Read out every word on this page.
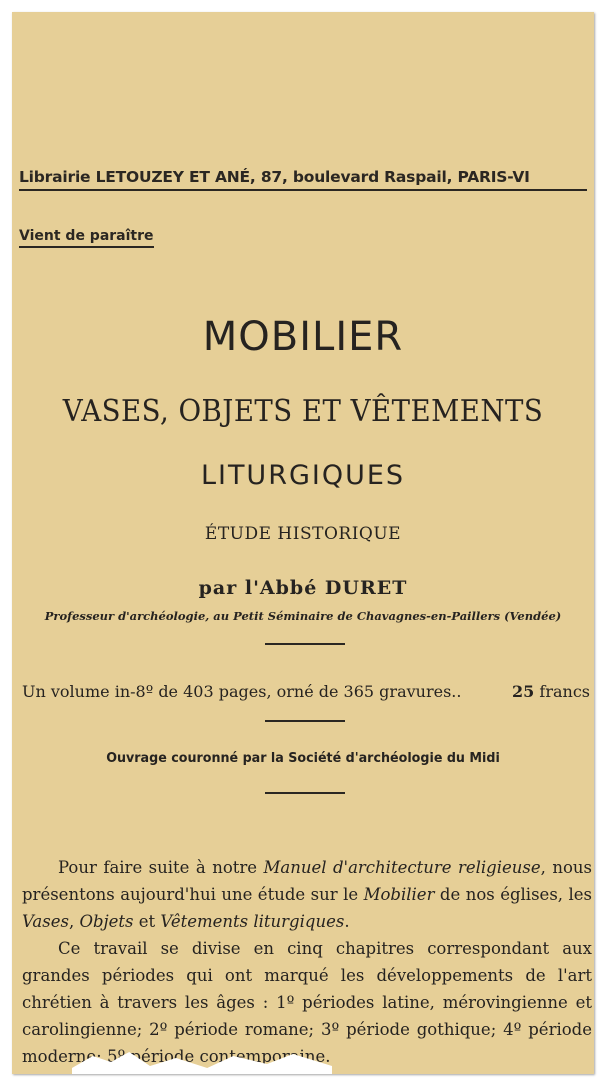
Librairie LETOUZEY ET ANÉ, 87, boulevard Raspail, PARIS-VI
Vient de paraître
MOBILIER
VASES, OBJETS ET VÊTEMENTS
LITURGIQUES
ÉTUDE HISTORIQUE
par l'Abbé DURET
Professeur d'archéologie, au Petit Séminaire de Chavagnes-en-Paillers (Vendée)
Un volume in-8º de 403 pages, orné de 365 gravures..	25 francs
Ouvrage couronné par la Société d'archéologie du Midi

Pour faire suite à notre Manuel d'architecture religieuse, nous présentons aujourd'hui une étude sur le Mobilier de nos églises, les Vases, Objets et Vêtements liturgiques.

Ce travail se divise en cinq chapitres correspondant aux grandes périodes qui ont marqué les développements de l'art chrétien à travers les âges : 1º périodes latine, mérovingienne et carolingienne; 2º période romane; 3º période gothique; 4º période moderne; 5º période contemporaine.
